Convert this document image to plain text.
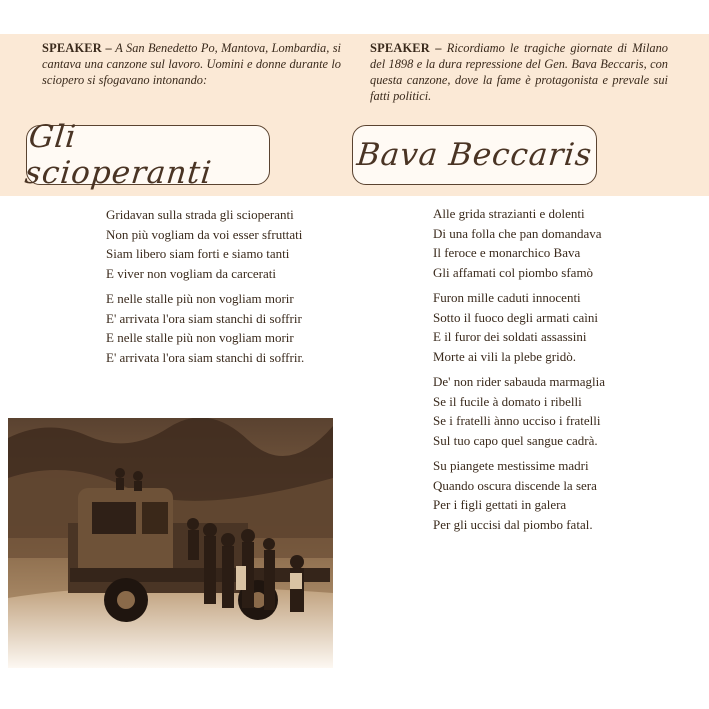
SPEAKER – A San Benedetto Po, Mantova, Lombardia, si cantava una canzone sul lavoro. Uomini e donne durante lo sciopero si sfogavano intonando:
SPEAKER – Ricordiamo le tragiche giornate di Milano del 1898 e la dura repressione del Gen. Bava Beccaris, con questa canzone, dove la fame è protagonista e prevale sui fatti politici.
Gli scioperanti	Bava Beccaris
Gridavan sulla strada gli scioperanti
Non più vogliam da voi esser sfruttati
Siam libero siam forti e siamo tanti
E viver non vogliam da carcerati
E nelle stalle più non vogliam morir
E' arrivata l'ora siam stanchi di soffrir
E nelle stalle più non vogliam morir
E' arrivata l'ora siam stanchi di soffrir.
Alle grida strazianti e dolenti
Di una folla che pan domandava
Il feroce e monarchico Bava
Gli affamati col piombo sfamò
Furon mille caduti innocenti
Sotto il fuoco degli armati caìni
E il furor dei soldati assassini
Morte ai vili la plebe gridò.
De' non rider sabauda marmaglia
Se il fucile à domato i ribelli
Se i fratelli ànno ucciso i fratelli
Sul tuo capo quel sangue cadrà.
Su piangete mestissime madri
Quando oscura discende la sera
Per i figli gettati in galera
Per gli uccisi dal piombo fatal.
